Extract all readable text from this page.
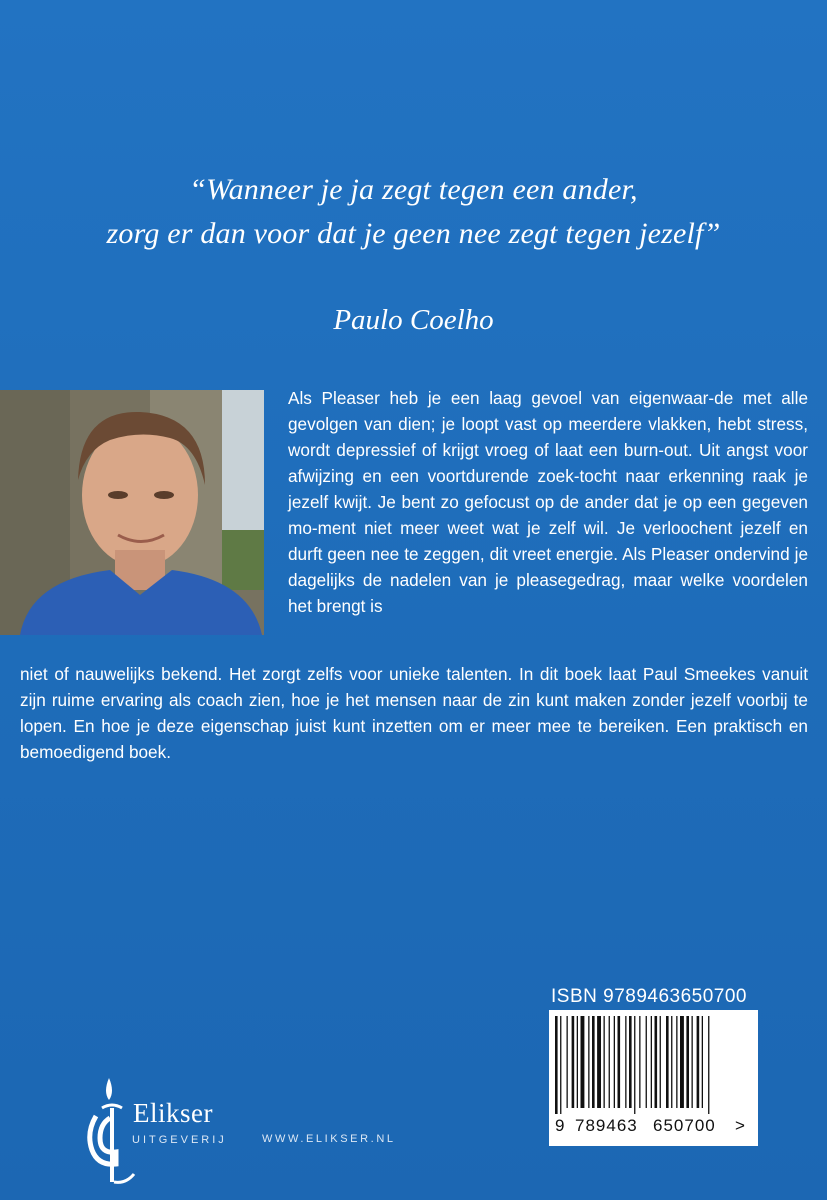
“Wanneer je ja zegt tegen een ander,
zorg er dan voor dat je geen nee zegt tegen jezelf”
Paulo Coelho

Als Pleaser heb je een laag gevoel van eigenwaar-de met alle gevolgen van dien; je loopt vast op meerdere vlakken, hebt stress, wordt depressief of krijgt vroeg of laat een burn-out. Uit angst voor afwijzing en een voortdurende zoek-tocht naar erkenning raak je jezelf kwijt. Je bent zo gefocust op de ander dat je op een gegeven mo-ment niet meer weet wat je zelf wil. Je verloochent jezelf en durft geen nee te zeggen, dit vreet energie. Als Pleaser ondervind je dagelijks de nadelen van je pleasegedrag, maar welke voordelen het brengt is

niet of nauwelijks bekend. Het zorgt zelfs voor unieke talenten. In dit boek laat Paul Smeekes vanuit zijn ruime ervaring als coach zien, hoe je het mensen naar de zin kunt maken zonder jezelf voorbij te lopen. En hoe je deze eigenschap juist kunt inzetten om er meer mee te bereiken. Een praktisch en bemoedigend boek.

ISBN 9789463650700
9 789463 650700 >
Elikser
UITGEVERIJ	WWW.ELIKSER.NL
